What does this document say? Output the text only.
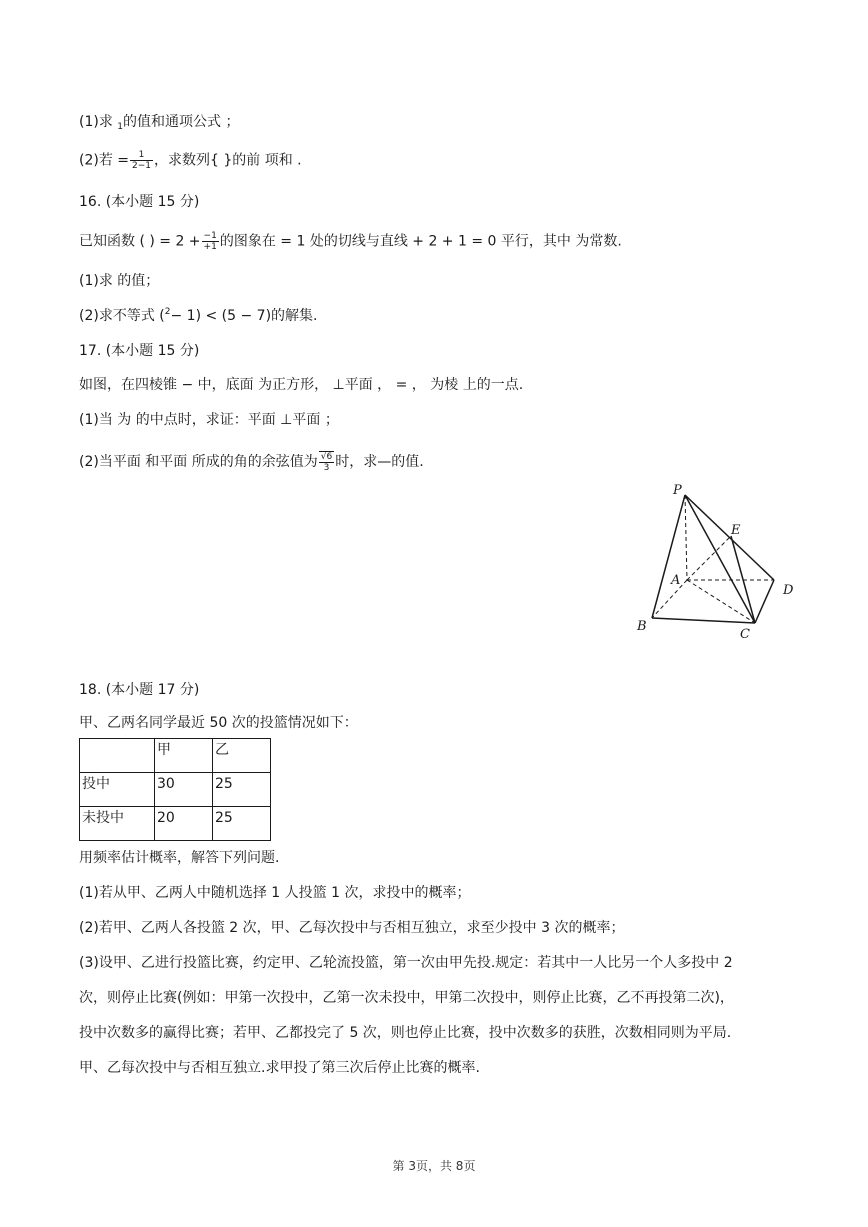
(1)求 $_1$的值和通项公式 ；
(2)若 = $\frac{1}{2-1}$ ，求数列{ }的前 项和 .
16. (本小题 15 分)
已知函数 ( ) = $2 + \frac{-1}{+1}$ 的图象在 = 1 处的切线与直线 + 2 + 1 = 0 平行，其中 为常数.
(1)求 的值；
(2)求不等式 ($^2$− 1) < (5 − 7)的解集.
17. (本小题 15 分)
如图，在四棱锥 − 中，底面 为正方形， ⊥平面 ， = ， 为棱 上的一点.
(1)当 为 的中点时，求证：平面 ⊥平面 ；
(2)当平面 和平面 所成的角的余弦值为 $\frac{√6}{3}$ 时，求—的值.
P
E
A
D
B
C
18. (本小题 17 分)
甲、乙两名同学最近 50 次的投篮情况如下：
	甲	乙
投中	30	25
未投中	20	25
用频率估计概率，解答下列问题.
(1)若从甲、乙两人中随机选择 1 人投篮 1 次，求投中的概率；
(2)若甲、乙两人各投篮 2 次，甲、乙每次投中与否相互独立，求至少投中 3 次的概率；
(3)设甲、乙进行投篮比赛，约定甲、乙轮流投篮，第一次由甲先投.规定：若其中一人比另一个人多投中 2
次，则停止比赛(例如：甲第一次投中，乙第一次未投中，甲第二次投中，则停止比赛，乙不再投第二次)，
投中次数多的赢得比赛；若甲、乙都投完了 5 次，则也停止比赛，投中次数多的获胜，次数相同则为平局.
甲、乙每次投中与否相互独立.求甲投了第三次后停止比赛的概率.
第 3页，共 8页
